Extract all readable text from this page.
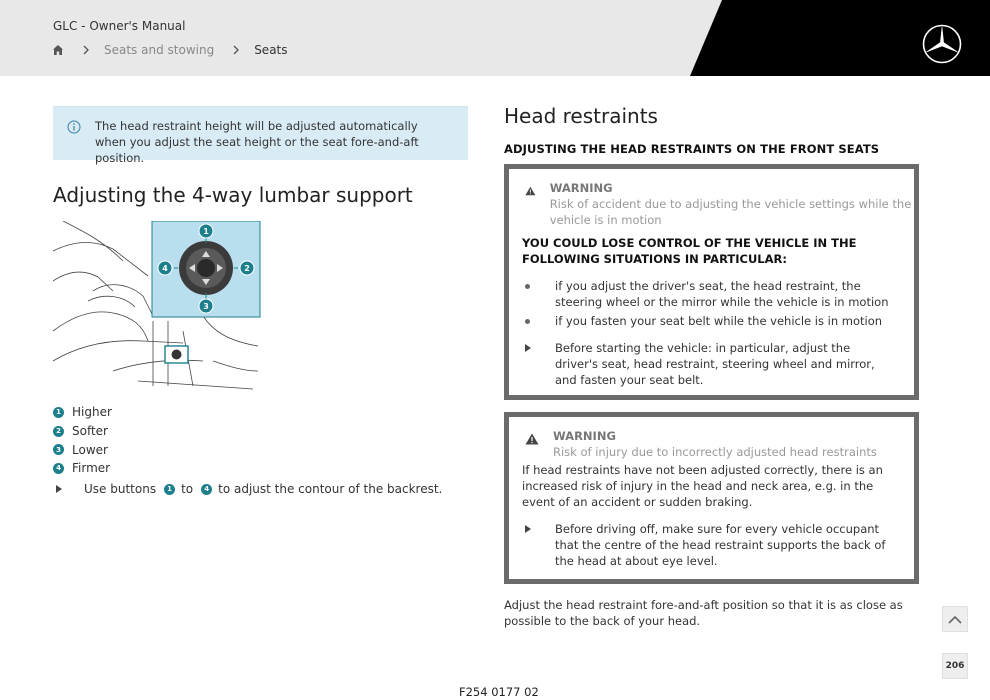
GLC - Owner's Manual
Seats and stowing	Seats
The head restraint height will be adjusted automatically when you adjust the seat height or the seat fore-and-aft position.
Adjusting the 4-way lumbar support
1
2
3
4
1 Higher
2 Softer
3 Lower
4 Firmer
Use buttons	1 to	4 to adjust the contour of the backrest.
Head restraints
ADJUSTING THE HEAD RESTRAINTS ON THE FRONT SEATS
WARNING
Risk of accident due to adjusting the vehicle settings while the vehicle is in motion
YOU COULD LOSE CONTROL OF THE VEHICLE IN THE FOLLOWING SITUATIONS IN PARTICULAR:
if you adjust the driver's seat, the head restraint, the steering wheel or the mirror while the vehicle is in motion
if you fasten your seat belt while the vehicle is in motion
Before starting the vehicle: in particular, adjust the driver's seat, head restraint, steering wheel and mirror, and fasten your seat belt.
WARNING
Risk of injury due to incorrectly adjusted head restraints
If head restraints have not been adjusted correctly, there is an increased risk of injury in the head and neck area, e.g. in the event of an accident or sudden braking.
Before driving off, make sure for every vehicle occupant that the centre of the head restraint supports the back of the head at about eye level.
Adjust the head restraint fore-and-aft position so that it is as close as possible to the back of your head.
206
F254 0177 02
